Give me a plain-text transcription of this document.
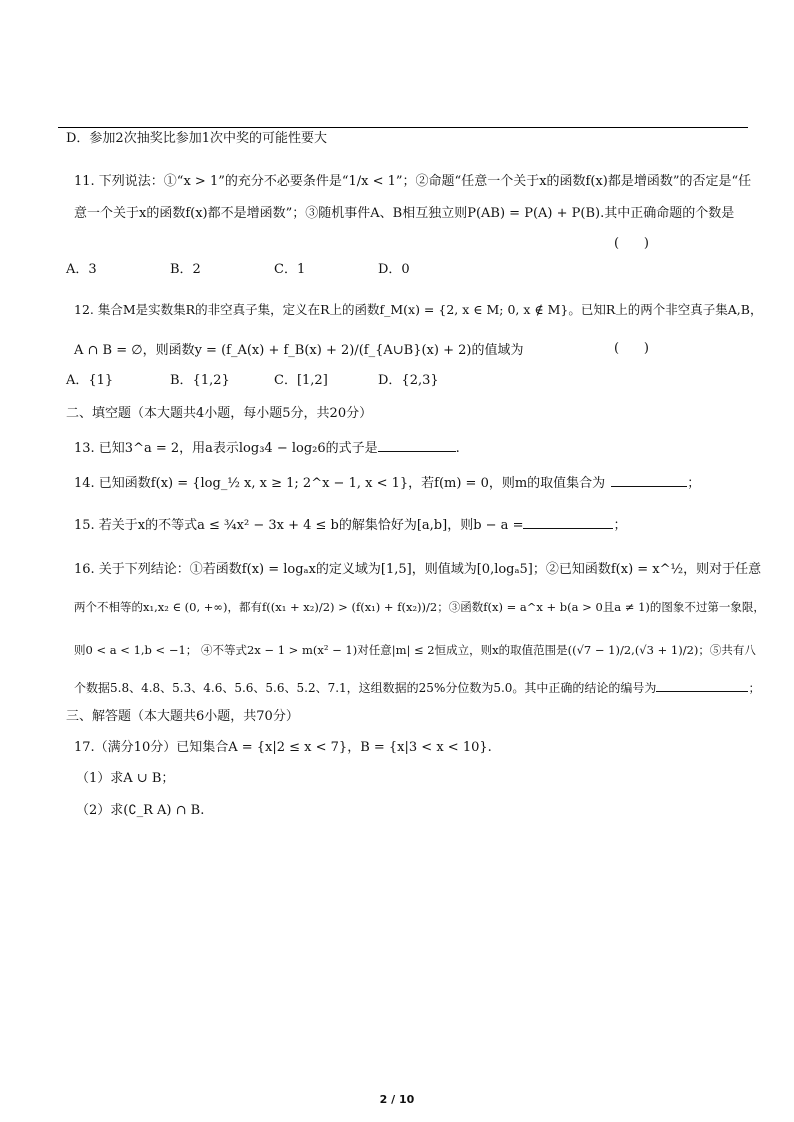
D．参加2次抽奖比参加1次中奖的可能性要大
11. 下列说法：①“x > 1”的充分不必要条件是“1/x < 1”；②命题“任意一个关于x的函数f(x)都是增函数”的否定是“任
意一个关于x的函数f(x)都不是增函数”；③随机事件A、B相互独立则P(AB) = P(A) + P(B).其中正确命题的个数是
(      )
A．3	B．2	C．1	D．0
12. 集合M是实数集R的非空真子集，定义在R上的函数f_M(x) = {2, x ∈ M; 0, x ∉ M}。已知R上的两个非空真子集A,B，
A ∩ B = ∅，则函数y = (f_A(x) + f_B(x) + 2)/(f_{A∪B}(x) + 2)的值域为	(      )
A．{1}	B．{1,2}	C．[1,2]	D．{2,3}
二、填空题（本大题共4小题，每小题5分，共20分）
13. 已知3^a = 2，用a表示log₃4 − log₂6的式子是	.
14. 已知函数f(x) = {log_½ x, x ≥ 1; 2^x − 1, x < 1}，若f(m) = 0，则m的取值集合为	；
15. 若关于x的不等式a ≤ ¾x² − 3x + 4 ≤ b的解集恰好为[a,b]，则b − a =	；
16. 关于下列结论：①若函数f(x) = logₐx的定义域为[1,5]，则值域为[0,logₐ5]；②已知函数f(x) = x^½，则对于任意
两个不相等的x₁,x₂ ∈ (0, +∞)，都有f((x₁ + x₂)/2) > (f(x₁) + f(x₂))/2；③函数f(x) = a^x + b(a > 0且a ≠ 1)的图象不过第一象限，
则0 < a < 1,b < −1； ④不等式2x − 1 > m(x² − 1)对任意|m| ≤ 2恒成立，则x的取值范围是((√7 − 1)/2,(√3 + 1)/2)；⑤共有八
个数据5.8、4.8、5.3、4.6、5.6、5.6、5.2、7.1，这组数据的25%分位数为5.0。其中正确的结论的编号为	；
三、解答题（本大题共6小题，共70分）
17.（满分10分）已知集合A = {x|2 ≤ x < 7}，B = {x|3 < x < 10}.
（1）求A ∪ B；
（2）求(∁_R A) ∩ B.
2 / 10
